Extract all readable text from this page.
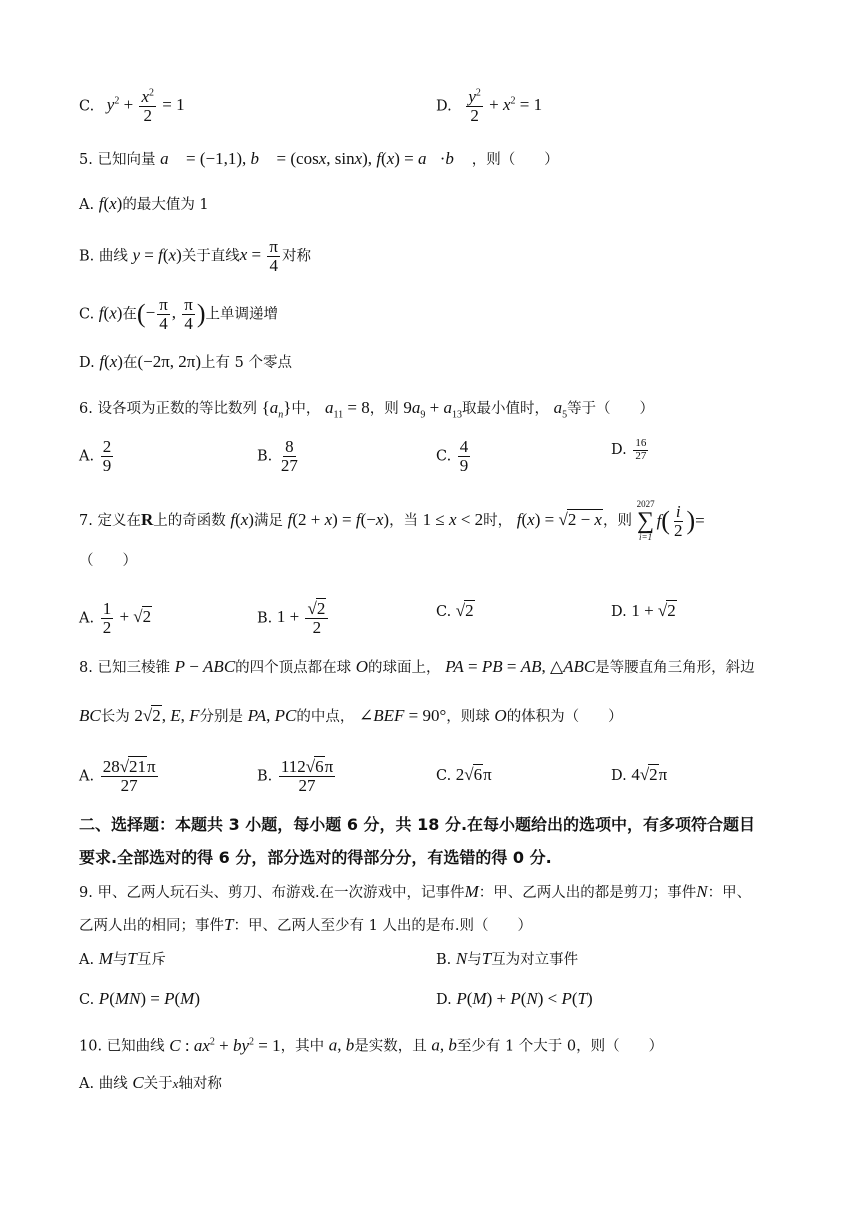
C. $y^2 + \frac{x^2}{2} = 1$	D. $\frac{y^2}{2} + x^2 = 1$
5. 已知向量 a⃗ = (−1,1), b⃗ = (cosx, sinx), f(x) = a⃗·b⃗ ，则（　　）
A. f(x)的最大值为 1
B. 曲线 y = f(x)关于直线$x = \frac{\pi}{4}$ 对称
C. f(x)在(− $\frac{\pi}{4}$ , $\frac{\pi}{4}$ )上单调递增
D. f(x)在(−2π, 2π)上有 5 个零点
6. 设各项为正数的等比数列 $\{a_n\}$中， $a_{11} = 8$，则 $9a_9 + a_{13}$取最小值时， $a_5$等于（　　）
A. $\frac{2}{9}$	B. $\frac{8}{27}$	C. $\frac{4}{9}$	D. $\frac{16}{27}$
7. 定义在R上的奇函数 f(x)满足 f(2 + x) = f(−x)，当 1 ≤ x < 2时， f(x) = √2 − x，则
2027
∑
i=1
f ( $\frac{i}{2}$ ) =
（　　）
A. $\frac{1}{2} + √2$	B. $1 + \frac{√2}{2}$	C. √2	D. 1 + √2
8. 已知三棱锥 P − ABC的四个顶点都在球 O的球面上， PA = PB = AB, △ABC是等腰直角三角形，斜边
BC长为 2√2, E, F分别是 PA, PC的中点， ∠BEF = 90°，则球 O的体积为（　　）
A. $\frac{28√21\pi}{27}$	B. $\frac{112√6\pi}{27}$	C. 2√6π	D. 4√2π
二、选择题：本题共 3 小题，每小题 6 分，共 18 分.在每小题给出的选项中，有多项符合题目
要求.全部选对的得 6 分，部分选对的得部分分，有选错的得 0 分.
9. 甲、乙两人玩石头、剪刀、布游戏.在一次游戏中，记事件M：甲、乙两人出的都是剪刀；事件N：甲、
乙两人出的相同；事件T：甲、乙两人至少有 1 人出的是布.则（　　）
A. M与T互斥	B. N与T互为对立事件
C. P(MN) = P(M)	D. P(M) + P(N) < P(T)
10. 已知曲线 C : $ax^2 + by^2 = 1$，其中 a, b是实数，且 a, b至少有 1 个大于 0，则（　　）
A. 曲线 C关于x轴对称
